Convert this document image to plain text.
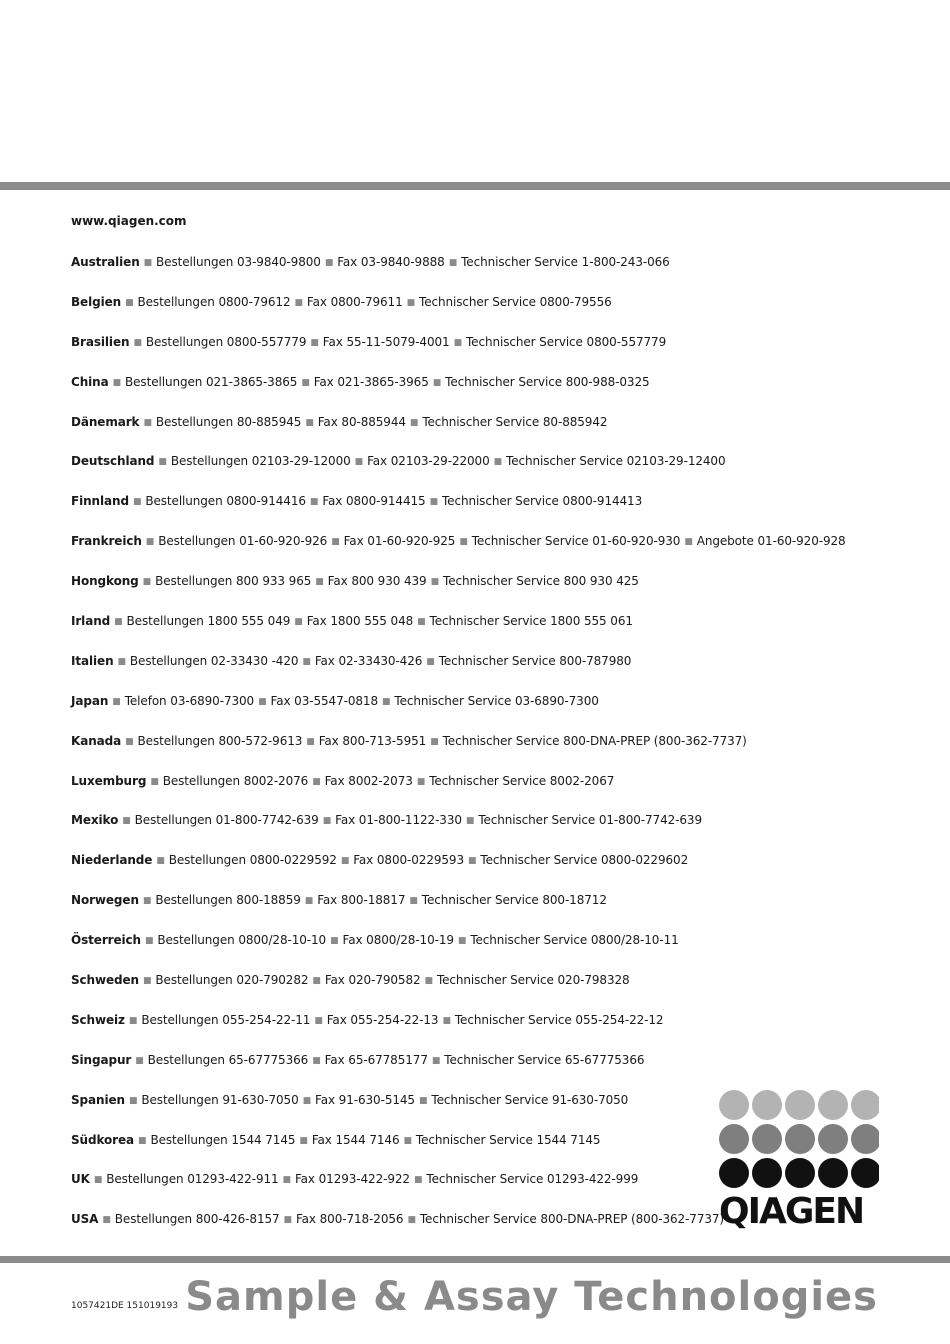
www.qiagen.com
Australien ■ Bestellungen 03-9840-9800 ■ Fax 03-9840-9888 ■ Technischer Service 1-800-243-066
Belgien ■ Bestellungen 0800-79612 ■ Fax 0800-79611 ■ Technischer Service 0800-79556
Brasilien ■ Bestellungen 0800-557779 ■ Fax 55-11-5079-4001 ■ Technischer Service 0800-557779
China ■ Bestellungen 021-3865-3865 ■ Fax 021-3865-3965 ■ Technischer Service 800-988-0325
Dänemark ■ Bestellungen 80-885945 ■ Fax 80-885944 ■ Technischer Service 80-885942
Deutschland ■ Bestellungen 02103-29-12000 ■ Fax 02103-29-22000 ■ Technischer Service 02103-29-12400
Finnland ■ Bestellungen 0800-914416 ■ Fax 0800-914415 ■ Technischer Service 0800-914413
Frankreich ■ Bestellungen 01-60-920-926 ■ Fax 01-60-920-925 ■ Technischer Service 01-60-920-930 ■ Angebote 01-60-920-928
Hongkong ■ Bestellungen 800 933 965 ■ Fax 800 930 439 ■ Technischer Service 800 930 425
Irland ■ Bestellungen 1800 555 049 ■ Fax 1800 555 048 ■ Technischer Service 1800 555 061
Italien ■ Bestellungen 02-33430 -420 ■ Fax 02-33430-426 ■ Technischer Service 800-787980
Japan ■ Telefon 03-6890-7300 ■ Fax 03-5547-0818 ■ Technischer Service 03-6890-7300
Kanada ■ Bestellungen 800-572-9613 ■ Fax 800-713-5951 ■ Technischer Service 800-DNA-PREP (800-362-7737)
Luxemburg ■ Bestellungen 8002-2076 ■ Fax 8002-2073 ■ Technischer Service 8002-2067
Mexiko ■ Bestellungen 01-800-7742-639 ■ Fax 01-800-1122-330 ■ Technischer Service 01-800-7742-639
Niederlande ■ Bestellungen 0800-0229592 ■ Fax 0800-0229593 ■ Technischer Service 0800-0229602
Norwegen ■ Bestellungen 800-18859 ■ Fax 800-18817 ■ Technischer Service 800-18712
Österreich ■ Bestellungen 0800/28-10-10 ■ Fax 0800/28-10-19 ■ Technischer Service 0800/28-10-11
Schweden ■ Bestellungen 020-790282 ■ Fax 020-790582 ■ Technischer Service 020-798328
Schweiz ■ Bestellungen 055-254-22-11 ■ Fax 055-254-22-13 ■ Technischer Service 055-254-22-12
Singapur ■ Bestellungen 65-67775366 ■ Fax 65-67785177 ■ Technischer Service 65-67775366
Spanien ■ Bestellungen 91-630-7050 ■ Fax 91-630-5145 ■ Technischer Service 91-630-7050
Südkorea ■ Bestellungen 1544 7145 ■ Fax 1544 7146 ■ Technischer Service 1544 7145
UK ■ Bestellungen 01293-422-911 ■ Fax 01293-422-922 ■ Technischer Service 01293-422-999
USA ■ Bestellungen 800-426-8157 ■ Fax 800-718-2056 ■ Technischer Service 800-DNA-PREP (800-362-7737)
QIAGEN
1057421DE 151019193 Sample & Assay Technologies
